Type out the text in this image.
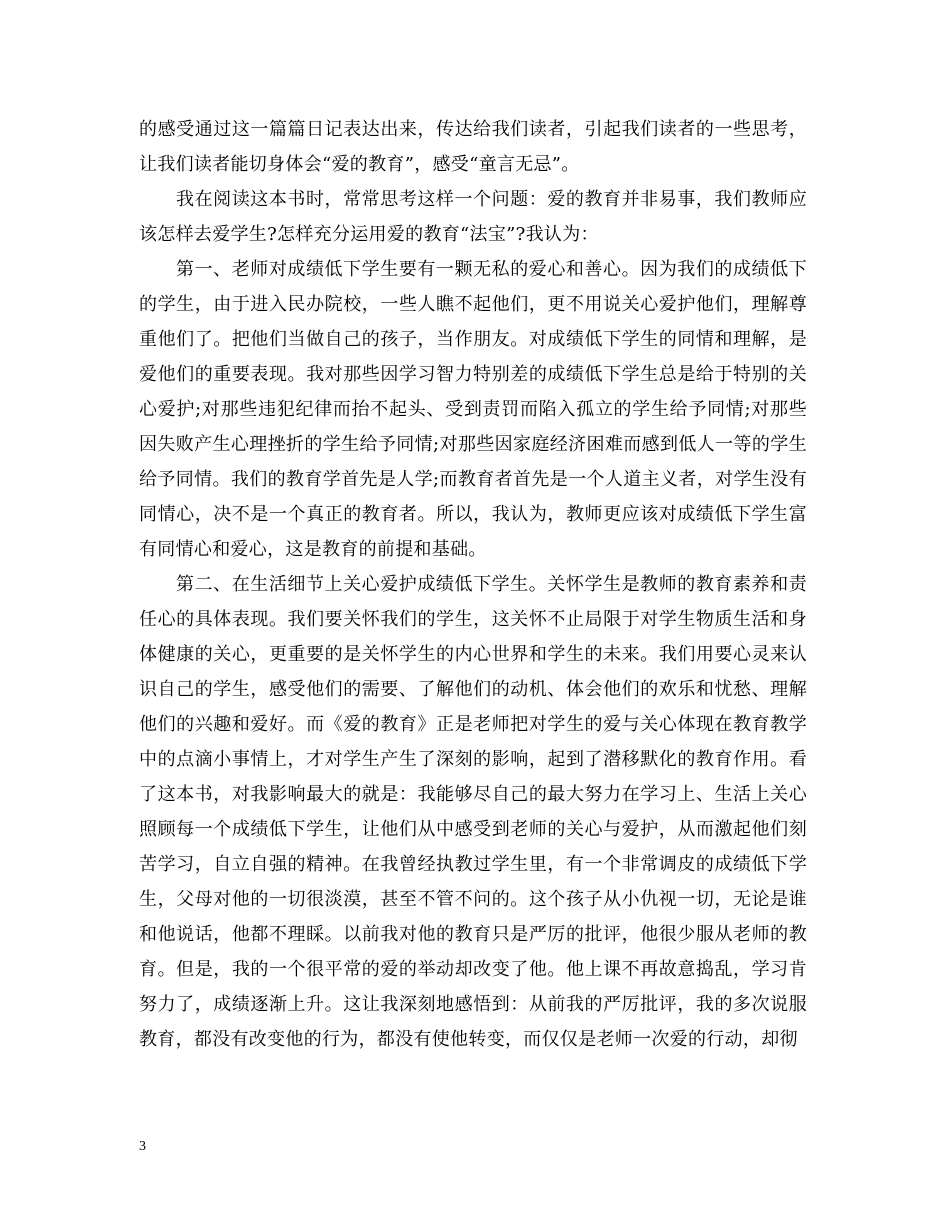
的感受通过这一篇篇日记表达出来，传达给我们读者，引起我们读者的一些思考，让我们读者能切身体会“爱的教育”，感受“童言无忌”。

我在阅读这本书时，常常思考这样一个问题：爱的教育并非易事，我们教师应该怎样去爱学生?怎样充分运用爱的教育“法宝”?我认为：

第一、老师对成绩低下学生要有一颗无私的爱心和善心。因为我们的成绩低下的学生，由于进入民办院校，一些人瞧不起他们，更不用说关心爱护他们，理解尊重他们了。把他们当做自己的孩子，当作朋友。对成绩低下学生的同情和理解，是爱他们的重要表现。我对那些因学习智力特别差的成绩低下学生总是给于特别的关心爱护;对那些违犯纪律而抬不起头、受到责罚而陷入孤立的学生给予同情;对那些因失败产生心理挫折的学生给予同情;对那些因家庭经济困难而感到低人一等的学生给予同情。我们的教育学首先是人学;而教育者首先是一个人道主义者，对学生没有同情心，决不是一个真正的教育者。所以，我认为，教师更应该对成绩低下学生富有同情心和爱心，这是教育的前提和基础。

第二、在生活细节上关心爱护成绩低下学生。关怀学生是教师的教育素养和责任心的具体表现。我们要关怀我们的学生，这关怀不止局限于对学生物质生活和身体健康的关心，更重要的是关怀学生的内心世界和学生的未来。我们用要心灵来认识自己的学生，感受他们的需要、了解他们的动机、体会他们的欢乐和忧愁、理解他们的兴趣和爱好。而《爱的教育》正是老师把对学生的爱与关心体现在教育教学中的点滴小事情上，才对学生产生了深刻的影响，起到了潜移默化的教育作用。看了这本书，对我影响最大的就是：我能够尽自己的最大努力在学习上、生活上关心照顾每一个成绩低下学生，让他们从中感受到老师的关心与爱护，从而激起他们刻苦学习，自立自强的精神。在我曾经执教过学生里，有一个非常调皮的成绩低下学生，父母对他的一切很淡漠，甚至不管不问的。这个孩子从小仇视一切，无论是谁和他说话，他都不理睬。以前我对他的教育只是严厉的批评，他很少服从老师的教育。但是，我的一个很平常的爱的举动却改变了他。他上课不再故意捣乱，学习肯努力了，成绩逐渐上升。这让我深刻地感悟到：从前我的严厉批评，我的多次说服教育，都没有改变他的行为，都没有使他转变，而仅仅是老师一次爱的行动，却彻

3
